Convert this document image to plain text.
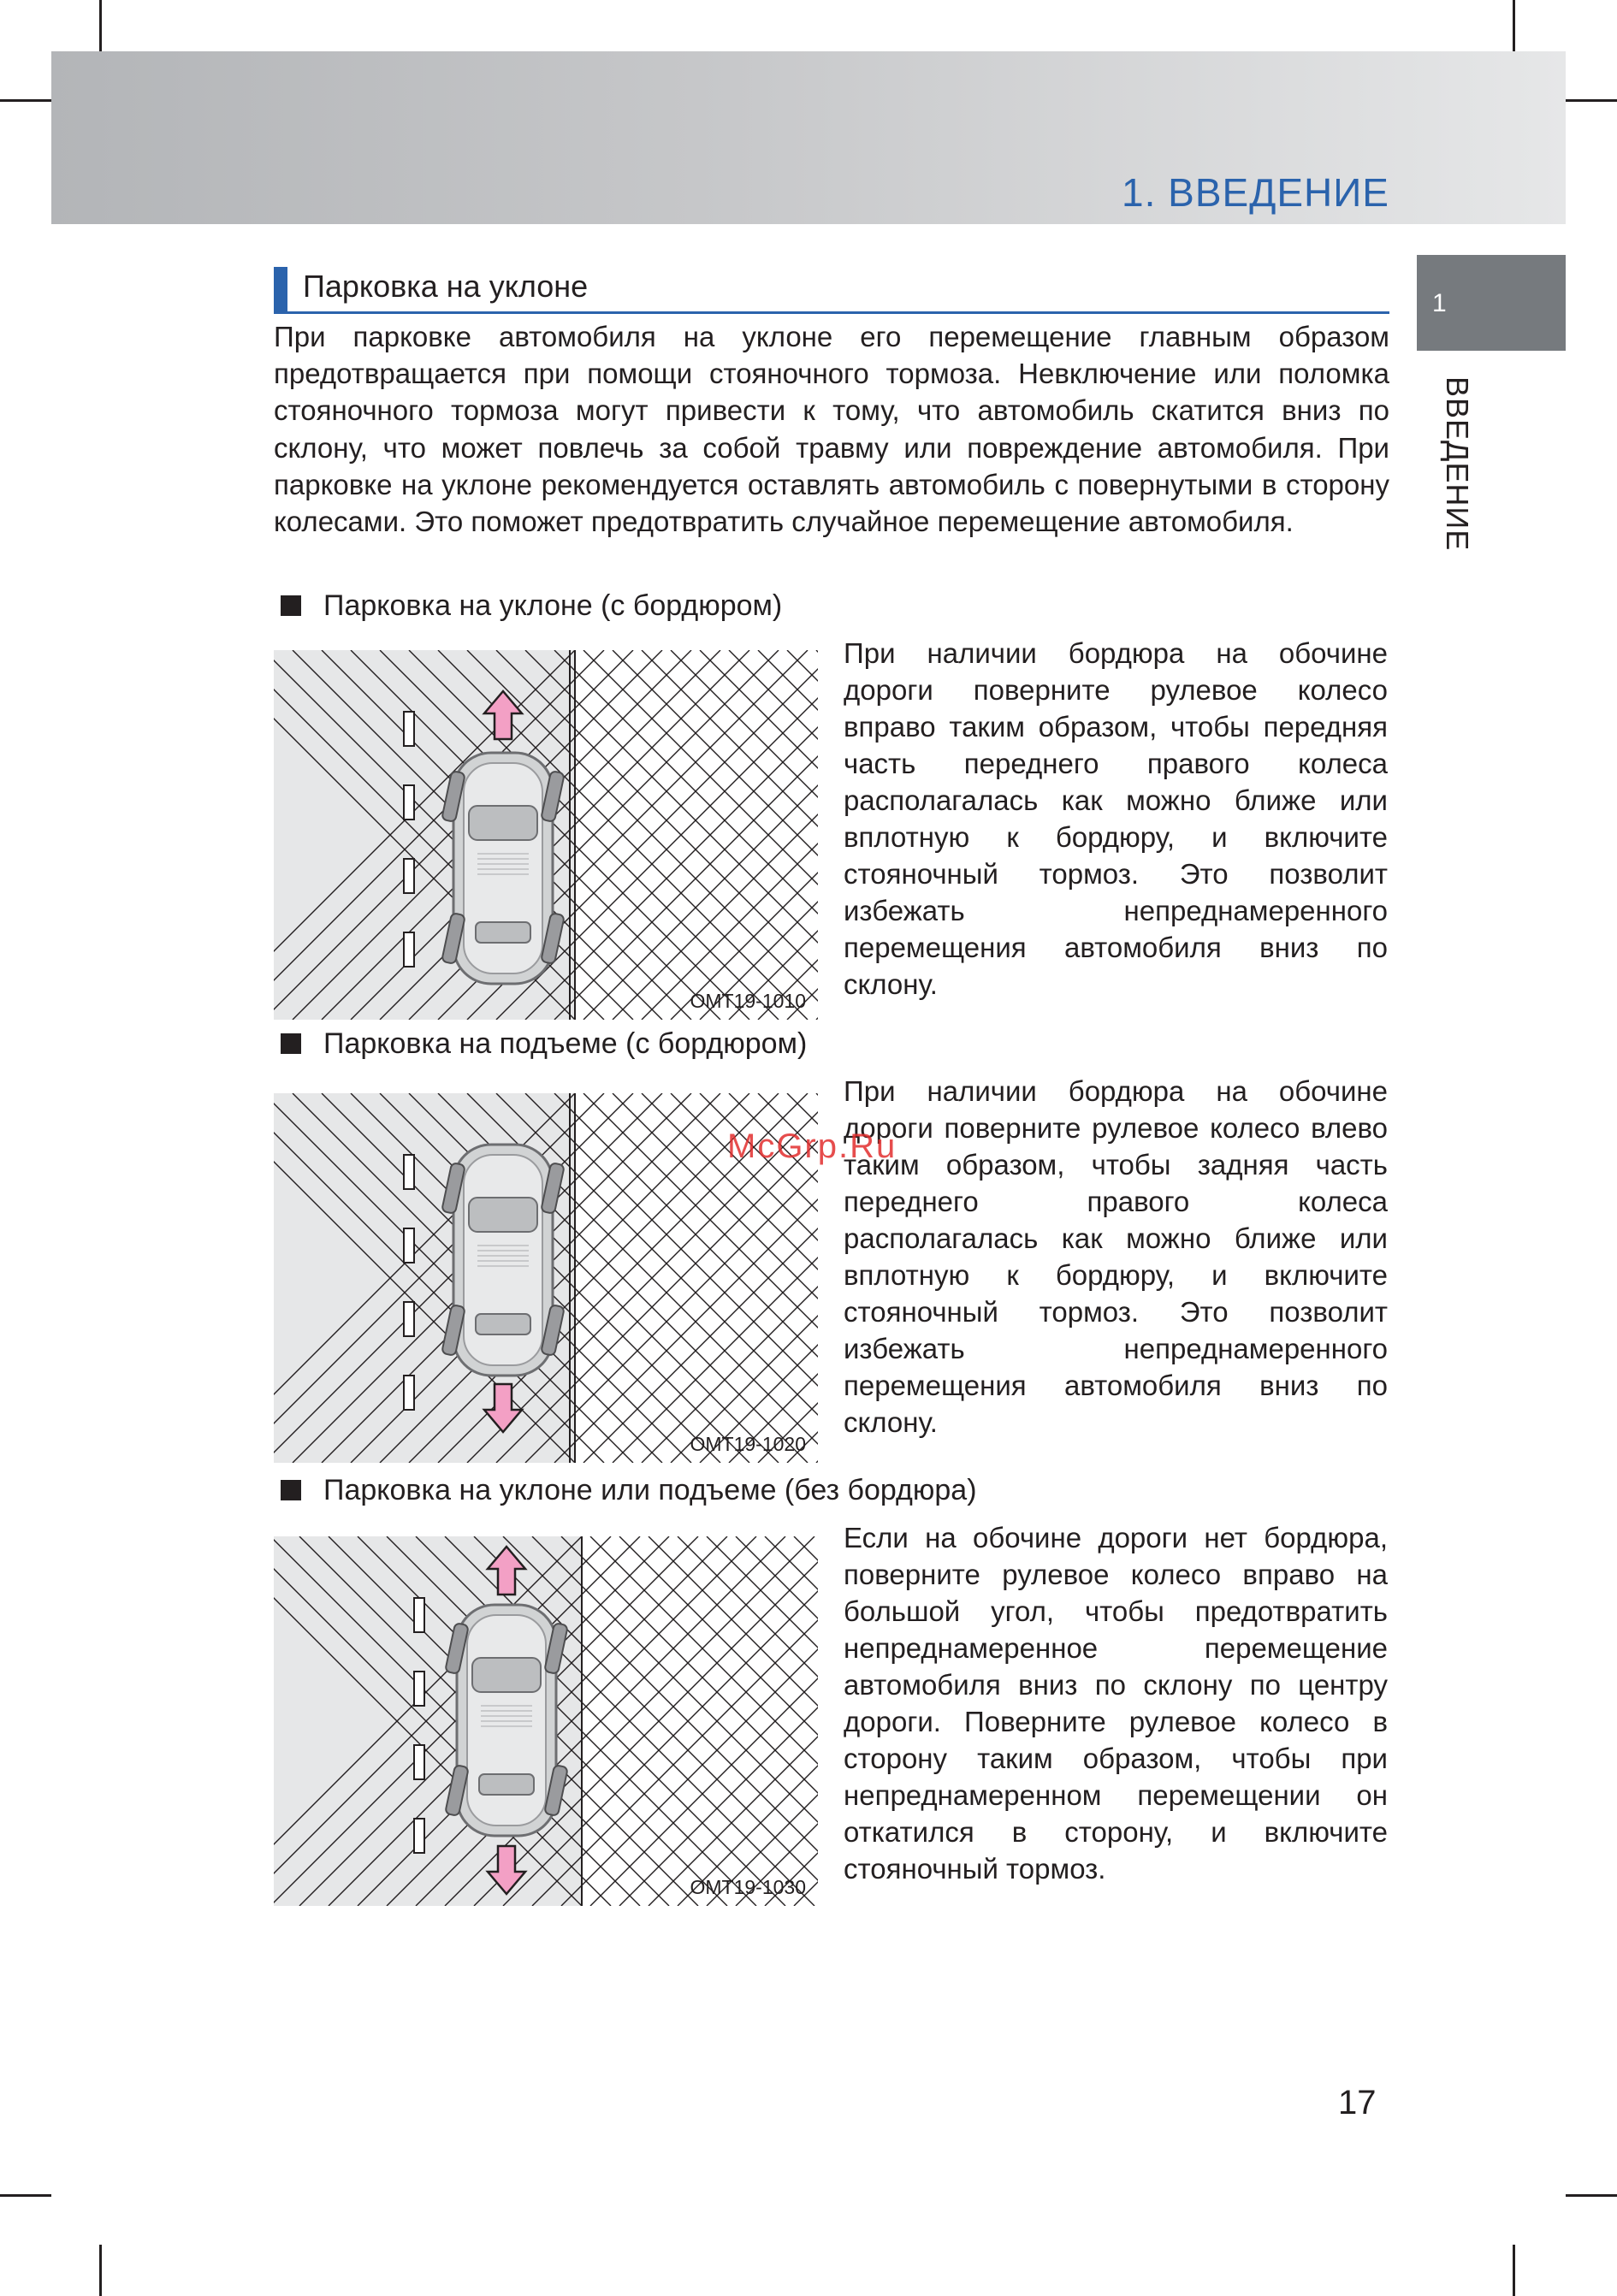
1. ВВЕДЕНИЕ
1
ВВЕДЕНИЕ
Парковка на уклоне

При парковке автомобиля на уклоне его перемещение главным образом предотвращается при помощи стояночного тормоза. Невключение или поломка стояночного тормоза могут привести к тому, что автомобиль скатится вниз по склону, что может повлечь за собой травму или повреждение автомобиля. При парковке на уклоне рекомендуется оставлять автомобиль с повернутыми в сторону колесами. Это поможет предотвратить случайное перемещение автомобиля.

Парковка на уклоне (с бордюром)
OMT19-1010

При наличии бордюра на обочине дороги поверните рулевое колесо вправо таким образом, чтобы передняя часть переднего правого колеса располагалась как можно ближе или вплотную к бордюру, и включите стояночный тормоз. Это позволит избежать непреднамеренного перемещения автомобиля вниз по склону.

Парковка на подъеме (с бордюром)
OMT19-1020

При наличии бордюра на обочине дороги поверните рулевое колесо влево таким образом, чтобы задняя часть переднего правого колеса располагалась как можно ближе или вплотную к бордюру, и включите стояночный тормоз. Это позволит избежать непреднамеренного перемещения автомобиля вниз по склону.

Парковка на уклоне или подъеме (без бордюра)
OMT19-1030

Если на обочине дороги нет бордюра, поверните рулевое колесо вправо на большой угол, чтобы предотвратить непреднамеренное перемещение автомобиля вниз по склону по центру дороги. Поверните рулевое колесо в сторону таким образом, чтобы при непреднамеренном перемещении он откатился в сторону, и включите стояночный тормоз.

McGrp.Ru
17
